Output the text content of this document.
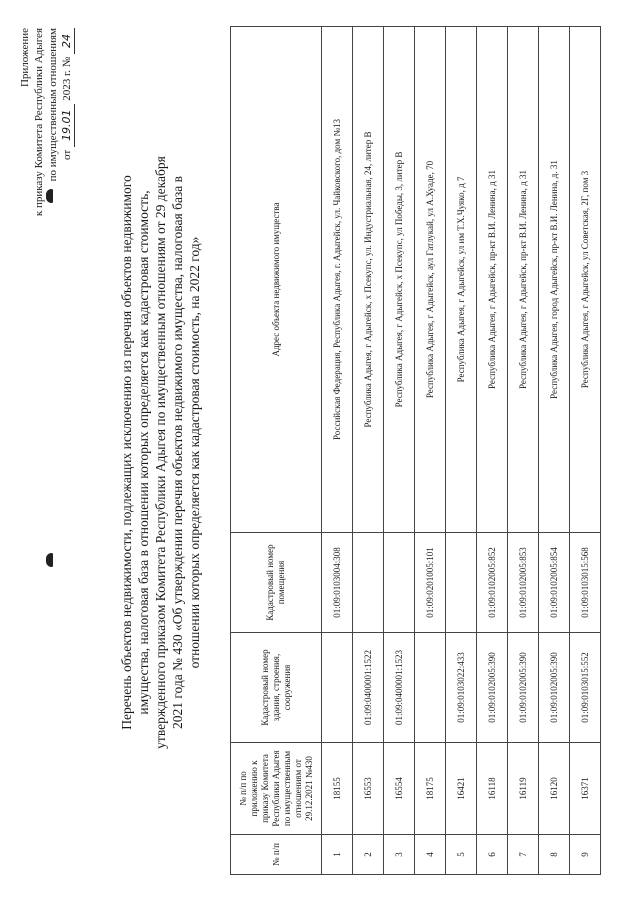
Приложение к приказу Комитета Республики Адыгея по имущественным отношениям от 19.01 2023 г. № 24
Перечень объектов недвижимости, подлежащих исключению из перечня объектов недвижимого имущества, налоговая база в отношении которых определяется как кадастровая стоимость, утвержденного приказом Комитета Республики Адыгея по имущественным отношениям от 29 декабря 2021 года № 430 «Об утверждении перечня объектов недвижимого имущества, налоговая база в отношении которых определяется как кадастровая стоимость, на 2022 год»
№ п/п	№ п/п по приложению к приказу Комитета Республики Адыгея по имущественным отношениям от 29.12.2021 №430	Кадастровый номер здания, строения, сооружения	Кадастровый номер помещения	Адрес объекта недвижимого имущества
1	18155		01:09:0103004:308	Российская Федерация, Республика Адыгея, г. Адыгейск, ул. Чайковского, дом №13
2	16553	01:09:0400001:1522		Республика Адыгея, г Адыгейск, х Псекупс, ул. Индустриальная, 24, литер В
3	16554	01:09:0400001:1523		Республика Адыгея, г Адыгейск, х Псекупс, ул Победы, 3, литер В
4	18175		01:09:0201005:101	Республика Адыгея, г Адыгейск, аул Гатлукай, ул А.Хуаде, 70
5	16421	01:09:0103022:433		Республика Адыгея, г Адыгейск, ул им Т.Х.Чуяко, д 7
6	16118	01:09:0102005:390	01:09:0102005:852	Республика Адыгея, г Адыгейск, пр-кт В.И. Ленина, д 31
7	16119	01:09:0102005:390	01:09:0102005:853	Республика Адыгея, г Адыгейск, пр-кт В.И. Ленина, д 31
8	16120	01:09:0102005:390	01:09:0102005:854	Республика Адыгея, город Адыгейск, пр-кт В.И. Ленина, д. 31
9	16371	01:09:0103015:552	01:09:0103015:568	Республика Адыгея, г Адыгейск, ул Советская, 2Г, пом 3
